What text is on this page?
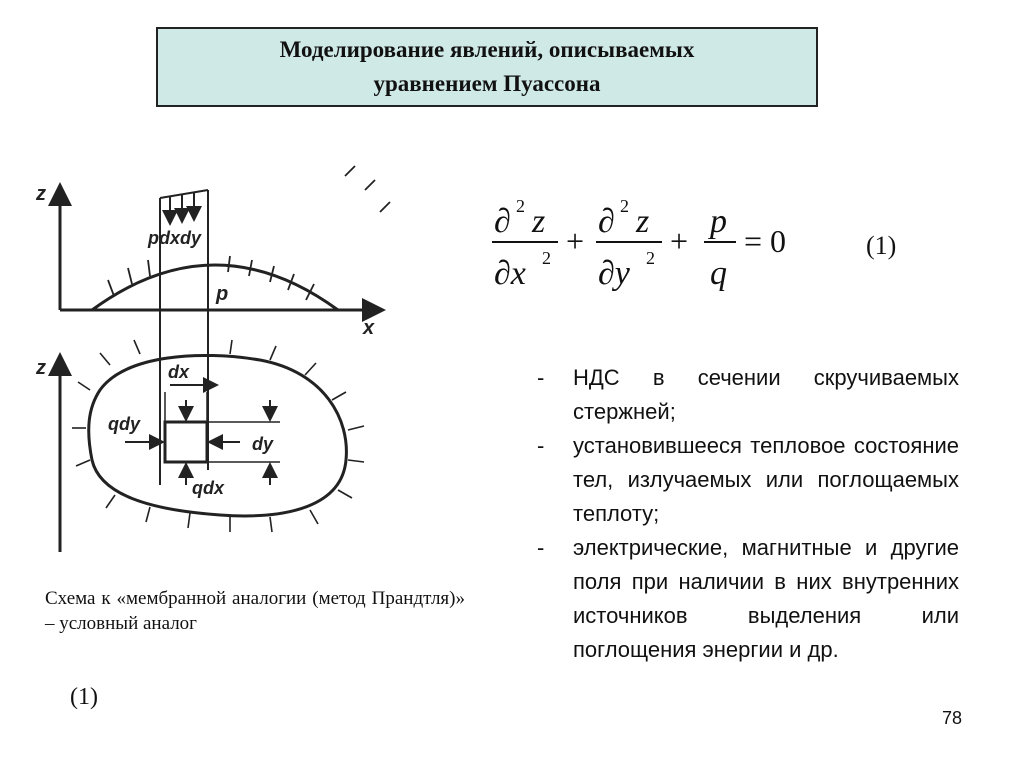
Моделирование явлений, описываемых
уравнением Пуассона
z
x
pdxdy
p
z	dx
qdy
dy
qdx
Схема к «мембранной аналогии (метод Прандтля)» – условный аналог
(1)
∂ 2 z
∂x 2 +
∂ 2 z
∂y 2 +
p
q
= 0	(1)
- НДС в сечении скручиваемых стержней;
- установившееся тепловое состояние тел, излучаемых или поглощаемых теплоту;
- электрические, магнитные и другие поля при наличии в них внутренних источников выделения или поглощения энергии и др.
78
